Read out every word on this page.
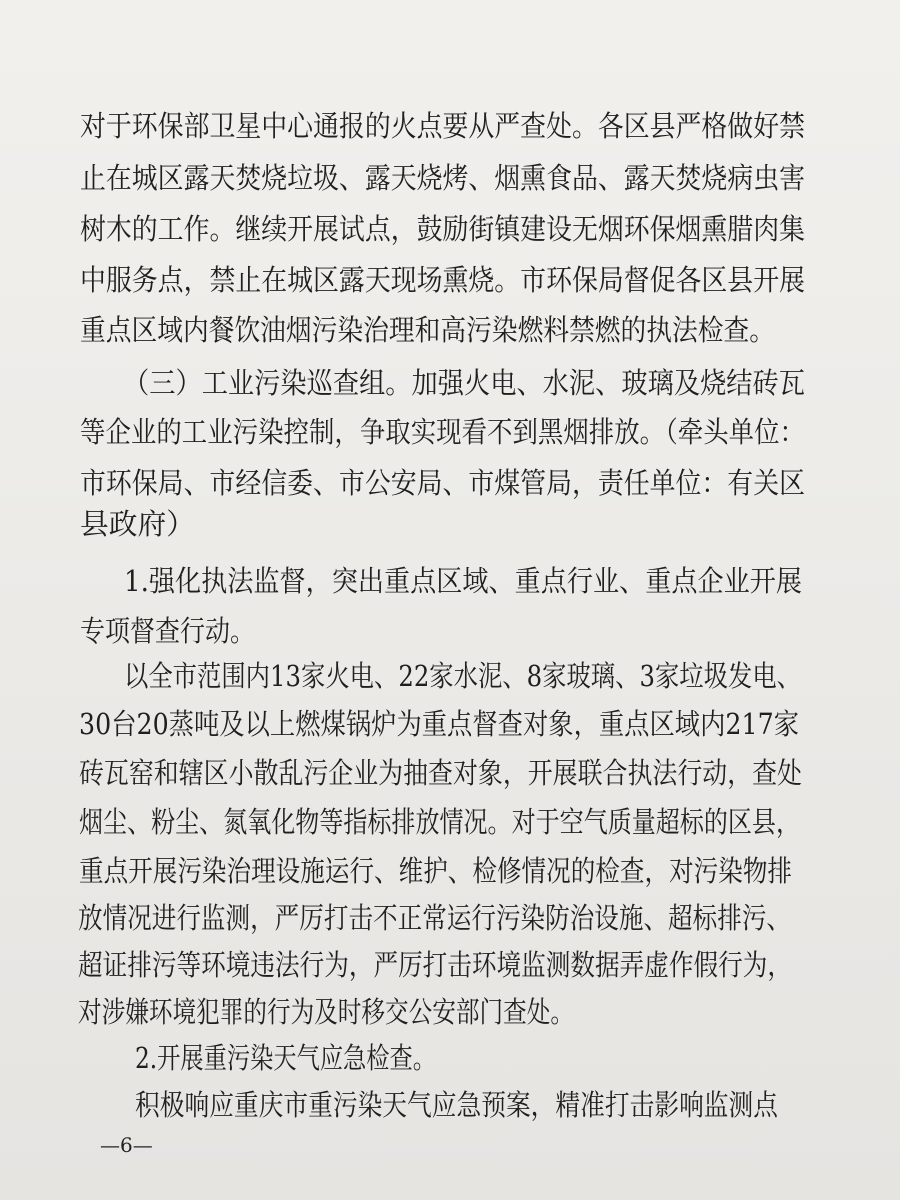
对于环保部卫星中心通报的火点要从严查处。各区县严格做好禁
止在城区露天焚烧垃圾、露天烧烤、烟熏食品、露天焚烧病虫害
树木的工作。继续开展试点，鼓励街镇建设无烟环保烟熏腊肉集
中服务点，禁止在城区露天现场熏烧。市环保局督促各区县开展
重点区域内餐饮油烟污染治理和高污染燃料禁燃的执法检查。
（三）工业污染巡查组。加强火电、水泥、玻璃及烧结砖瓦
等企业的工业污染控制，争取实现看不到黑烟排放。（牵头单位：
市环保局、市经信委、市公安局、市煤管局，责任单位：有关区
县政府）
1.强化执法监督，突出重点区域、重点行业、重点企业开展
专项督查行动。
以全市范围内13家火电、22家水泥、8家玻璃、3家垃圾发电、
30台20蒸吨及以上燃煤锅炉为重点督查对象，重点区域内217家
砖瓦窑和辖区小散乱污企业为抽查对象，开展联合执法行动，查处
烟尘、粉尘、氮氧化物等指标排放情况。对于空气质量超标的区县，
重点开展污染治理设施运行、维护、检修情况的检查，对污染物排
放情况进行监测，严厉打击不正常运行污染防治设施、超标排污、
超证排污等环境违法行为，严厉打击环境监测数据弄虚作假行为，
对涉嫌环境犯罪的行为及时移交公安部门查处。
2.开展重污染天气应急检查。
积极响应重庆市重污染天气应急预案，精准打击影响监测点
—6—
